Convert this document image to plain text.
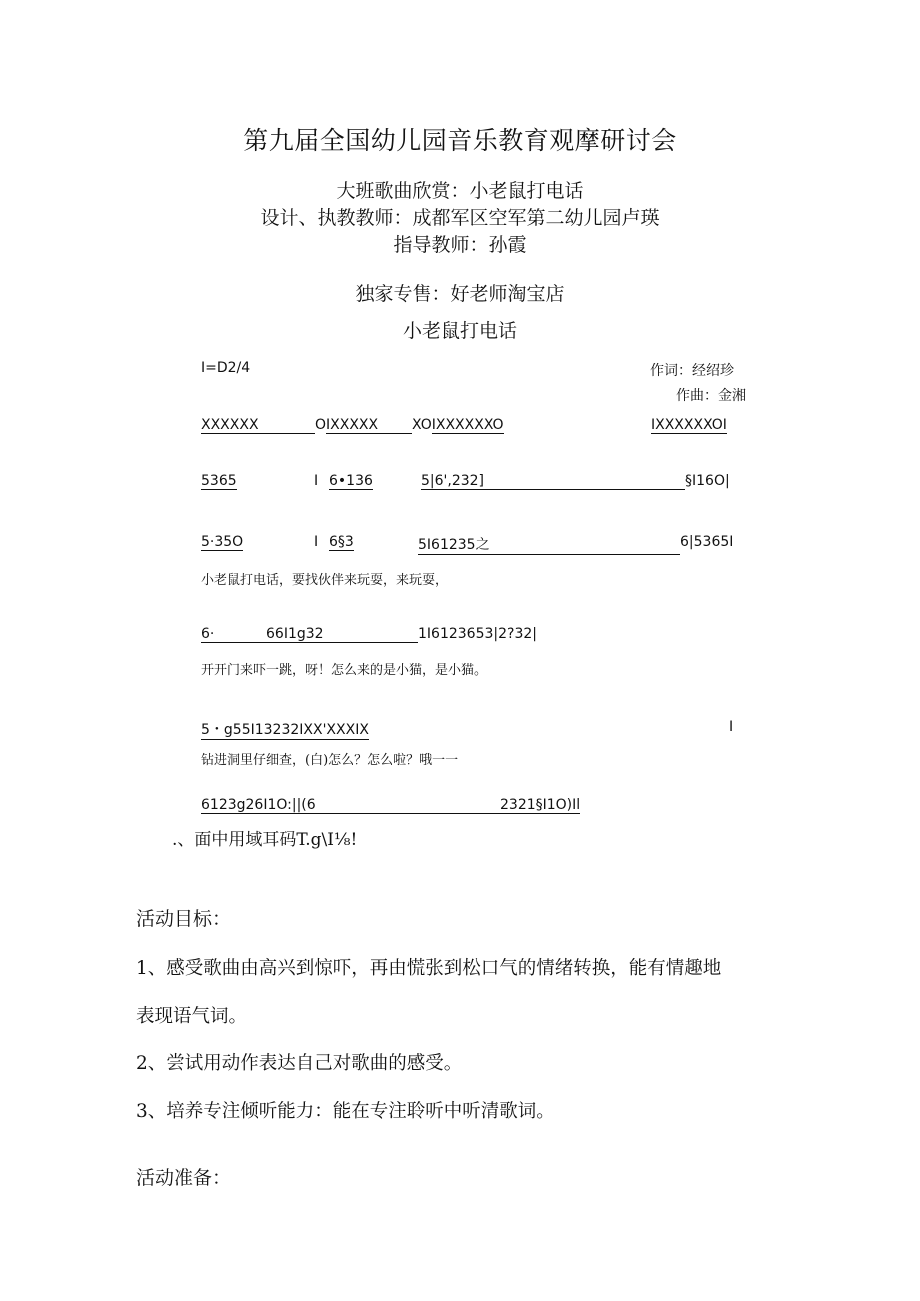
第九届全国幼儿园音乐教育观摩研讨会
大班歌曲欣赏：小老鼠打电话
设计、执教教师：成都军区空军第二幼儿园卢瑛
指导教师：孙霞
独家专售：好老师淘宝店
小老鼠打电话
I=D2/4	作词：经绍珍
作曲：金湘
XXXXXX	OIXXXXX XOIXXXXXXO	IXXXXXXOI
5365	I 6•136	5|6',232]	§I16O|
5·35O	I 6§3	5I61235之	6|5365I
小老鼠打电话，要找伙伴来玩耍，来玩耍，
6·	66I1g32	1I6123653|2?32|
开开门来吓一跳，呀！怎么来的是小猫，是小猫。
5・g55I13232IXX'XXXIX	I
钻进洞里仔细查，(白)怎么？怎么啦？哦一一
6123g26I1O:||(6	2321§I1O)Il
.、面中用域耳码T.g\I⅛!
活动目标：
1、感受歌曲由高兴到惊吓，再由慌张到松口气的情绪转换，能有情趣地
表现语气词。
2、尝试用动作表达自己对歌曲的感受。
3、培养专注倾听能力：能在专注聆听中听清歌词。
活动准备：
